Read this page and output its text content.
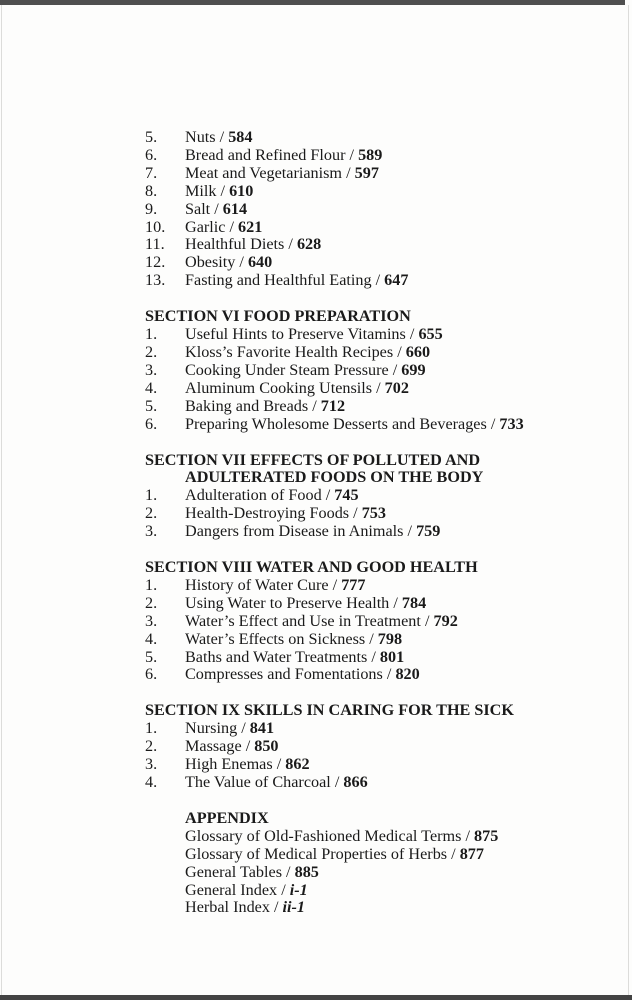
5.	Nuts / 584
6.	Bread and Refined Flour / 589
7.	Meat and Vegetarianism / 597
8.	Milk / 610
9.	Salt / 614
10.	Garlic / 621
11.	Healthful Diets / 628
12.	Obesity / 640
13.	Fasting and Healthful Eating / 647
SECTION VI FOOD PREPARATION
1.	Useful Hints to Preserve Vitamins / 655
2.	Kloss’s Favorite Health Recipes / 660
3.	Cooking Under Steam Pressure / 699
4.	Aluminum Cooking Utensils / 702
5.	Baking and Breads / 712
6.	Preparing Wholesome Desserts and Beverages / 733
SECTION VII EFFECTS OF POLLUTED AND
ADULTERATED FOODS ON THE BODY
1.	Adulteration of Food / 745
2.	Health-Destroying Foods / 753
3.	Dangers from Disease in Animals / 759
SECTION VIII WATER AND GOOD HEALTH
1.	History of Water Cure / 777
2.	Using Water to Preserve Health / 784
3.	Water’s Effect and Use in Treatment / 792
4.	Water’s Effects on Sickness / 798
5.	Baths and Water Treatments / 801
6.	Compresses and Fomentations / 820
SECTION IX SKILLS IN CARING FOR THE SICK
1.	Nursing / 841
2.	Massage / 850
3.	High Enemas / 862
4.	The Value of Charcoal / 866
APPENDIX
Glossary of Old-Fashioned Medical Terms / 875
Glossary of Medical Properties of Herbs / 877
General Tables / 885
General Index / i-1
Herbal Index / ii-1
